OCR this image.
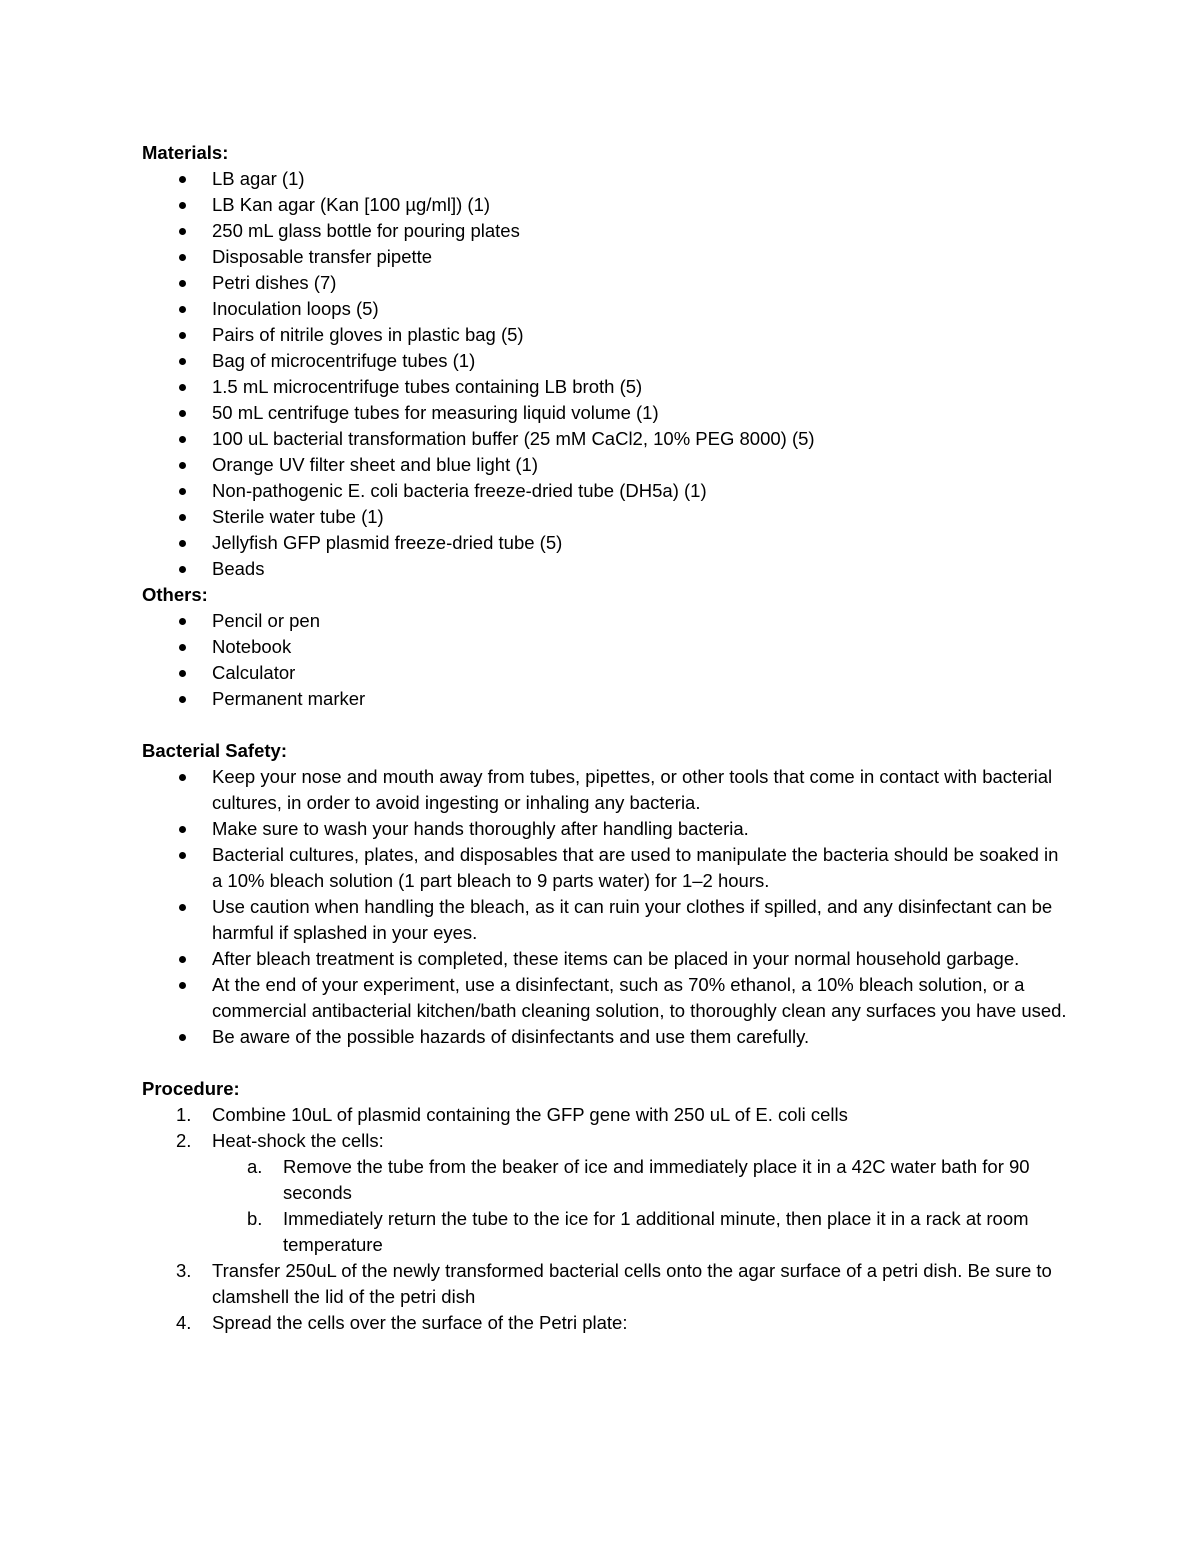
Materials:
LB agar (1)
LB Kan agar (Kan [100 µg/ml]) (1)
250 mL glass bottle for pouring plates
Disposable transfer pipette
Petri dishes (7)
Inoculation loops (5)
Pairs of nitrile gloves in plastic bag (5)
Bag of microcentrifuge tubes (1)
1.5 mL microcentrifuge tubes containing LB broth (5)
50 mL centrifuge tubes for measuring liquid volume (1)
100 uL bacterial transformation buffer (25 mM CaCl2, 10% PEG 8000) (5)
Orange UV filter sheet and blue light (1)
Non-pathogenic E. coli bacteria freeze-dried tube (DH5a) (1)
Sterile water tube (1)
Jellyfish GFP plasmid freeze-dried tube (5)
Beads
Others:
Pencil or pen
Notebook
Calculator
Permanent marker
Bacterial Safety:
Keep your nose and mouth away from tubes, pipettes, or other tools that come in contact with bacterial cultures, in order to avoid ingesting or inhaling any bacteria.
Make sure to wash your hands thoroughly after handling bacteria.
Bacterial cultures, plates, and disposables that are used to manipulate the bacteria should be soaked in a 10% bleach solution (1 part bleach to 9 parts water) for 1–2 hours.
Use caution when handling the bleach, as it can ruin your clothes if spilled, and any disinfectant can be harmful if splashed in your eyes.
After bleach treatment is completed, these items can be placed in your normal household garbage.
At the end of your experiment, use a disinfectant, such as 70% ethanol, a 10% bleach solution, or a commercial antibacterial kitchen/bath cleaning solution, to thoroughly clean any surfaces you have used.
Be aware of the possible hazards of disinfectants and use them carefully.
Procedure:
1. Combine 10uL of plasmid containing the GFP gene with 250 uL of E. coli cells
2. Heat-shock the cells:
a. Remove the tube from the beaker of ice and immediately place it in a 42C water bath for 90 seconds
b. Immediately return the tube to the ice for 1 additional minute, then place it in a rack at room temperature
3. Transfer 250uL of the newly transformed bacterial cells onto the agar surface of a petri dish. Be sure to clamshell the lid of the petri dish
4. Spread the cells over the surface of the Petri plate:
